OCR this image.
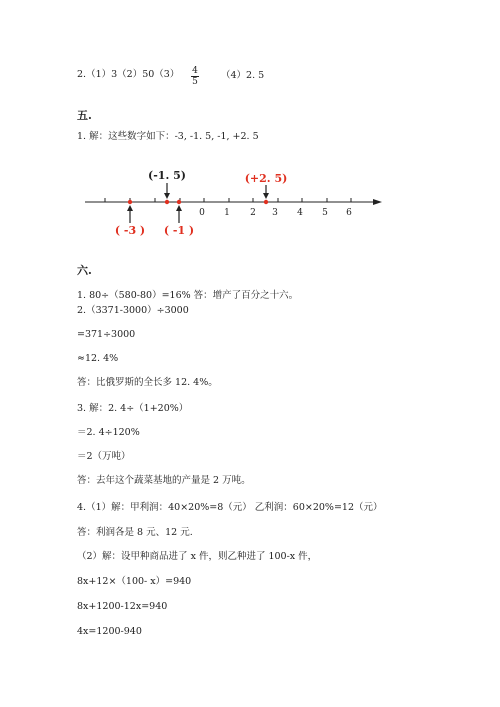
2.（1）3（2）50（3） 4
5
（4）2. 5
五.
1. 解：这些数字如下：-3, -1. 5, -1, +2. 5
0 1 2 3 4 5 6
(-1. 5)	(+2. 5)
( -3 ) ( -1 )
六.
1. 80÷（580-80）=16% 答：增产了百分之十六。
2.（3371-3000）÷3000
=371÷3000
≈12. 4%
答：比俄罗斯的全长多 12. 4%。
3. 解：2. 4÷（1+20%）
＝2. 4÷120%
＝2（万吨）
答：去年这个蔬菜基地的产量是 2 万吨。
4.（1）解：甲利润：40×20%=8（元） 乙利润：60×20%=12（元）
答：利润各是 8 元、12 元.
（2）解：设甲种商品进了 x 件，则乙种进了 100-x 件，
8x+12×（100- x）=940
8x+1200-12x=940
4x=1200-940
